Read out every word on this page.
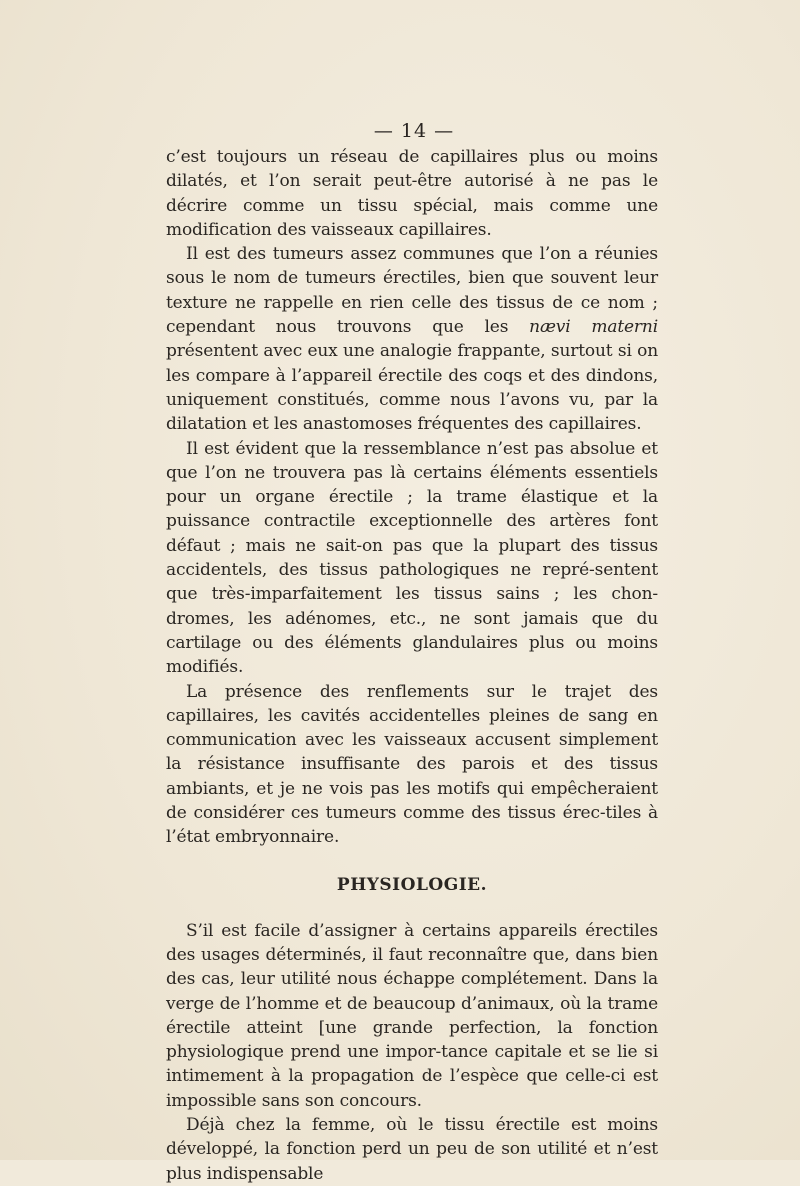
— 14 —

c’est toujours un réseau de capillaires plus ou moins dilatés, et l’on serait peut-être autorisé à ne pas le décrire comme un tissu spécial, mais comme une modification des vaisseaux capillaires.

Il est des tumeurs assez communes que l’on a réunies sous le nom de tumeurs érectiles, bien que souvent leur texture ne rappelle en rien celle des tissus de ce nom ; cependant nous trouvons que les nævi materni présentent avec eux une analogie frappante, surtout si on les compare à l’appareil érectile des coqs et des dindons, uniquement constitués, comme nous l’avons vu, par la dilatation et les anastomoses fréquentes des capillaires.

Il est évident que la ressemblance n’est pas absolue et que l’on ne trouvera pas là certains éléments essentiels pour un organe érectile ; la trame élastique et la puissance contractile exceptionnelle des artères font défaut ; mais ne sait-on pas que la plupart des tissus accidentels, des tissus pathologiques ne repré-sentent que très-imparfaitement les tissus sains ; les chon-dromes, les adénomes, etc., ne sont jamais que du cartilage ou des éléments glandulaires plus ou moins modifiés.

La présence des renflements sur le trajet des capillaires, les cavités accidentelles pleines de sang en communication avec les vaisseaux accusent simplement la résistance insuffisante des parois et des tissus ambiants, et je ne vois pas les motifs qui empêcheraient de considérer ces tumeurs comme des tissus érec-tiles à l’état embryonnaire.

PHYSIOLOGIE.

S’il est facile d’assigner à certains appareils érectiles des usages déterminés, il faut reconnaître que, dans bien des cas, leur utilité nous échappe complétement. Dans la verge de l’homme et de beaucoup d’animaux, où la trame érectile atteint [une grande perfection, la fonction physiologique prend une impor-tance capitale et se lie si intimement à la propagation de l’espèce que celle-ci est impossible sans son concours.

Déjà chez la femme, où le tissu érectile est moins développé, la fonction perd un peu de son utilité et n’est plus indispensable
